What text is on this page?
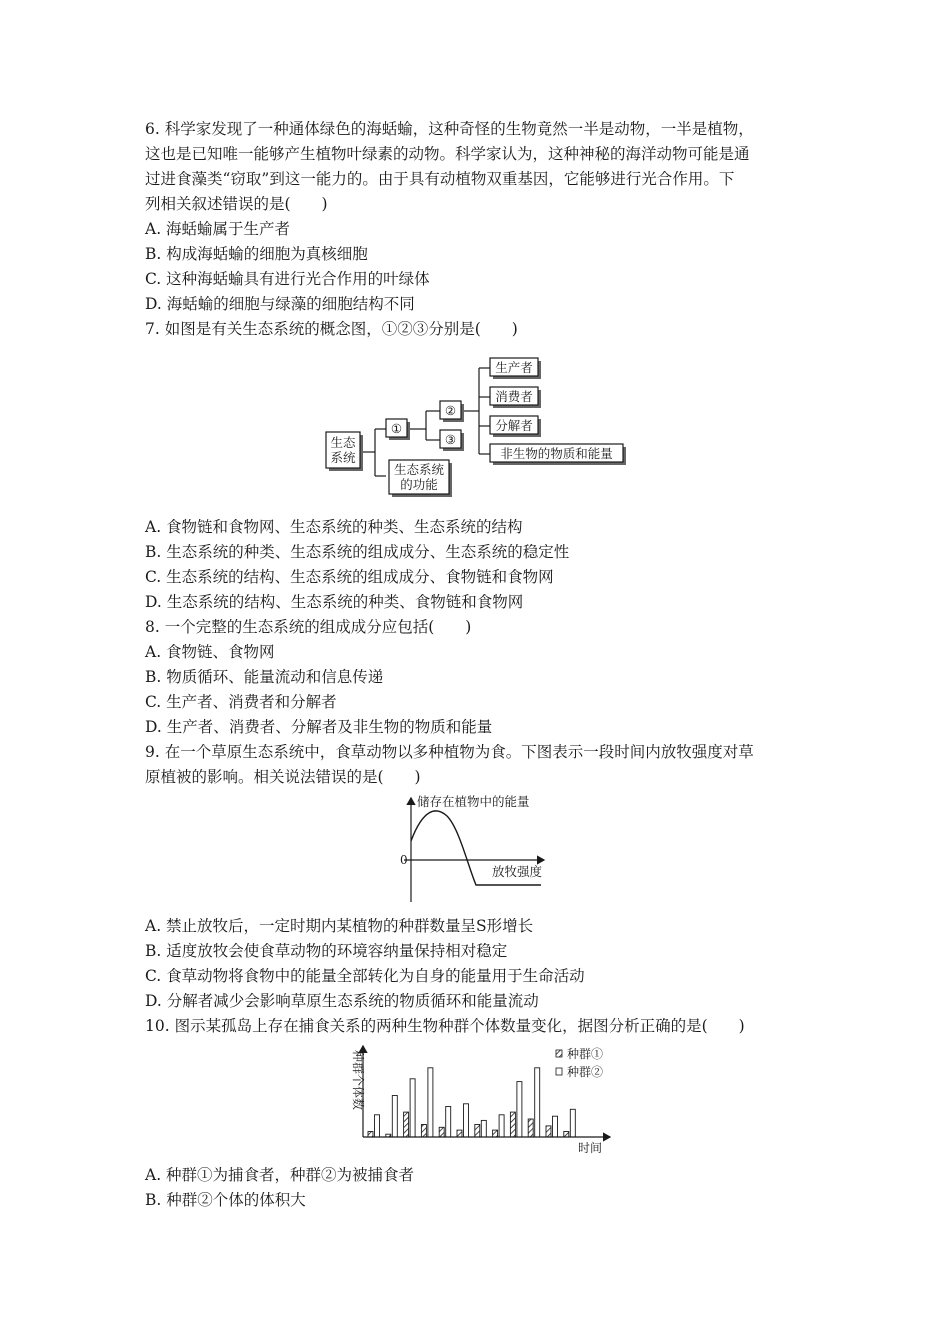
6. 科学家发现了一种通体绿色的海蛞蝓，这种奇怪的生物竟然一半是动物，一半是植物，
这也是已知唯一能够产生植物叶绿素的动物。科学家认为，这种神秘的海洋动物可能是通
过进食藻类“窃取”到这一能力的。由于具有动植物双重基因，它能够进行光合作用。下
列相关叙述错误的是(　　)
A. 海蛞蝓属于生产者
B. 构成海蛞蝓的细胞为真核细胞
C. 这种海蛞蝓具有进行光合作用的叶绿体
D. 海蛞蝓的细胞与绿藻的细胞结构不同
7. 如图是有关生态系统的概念图，①②③分别是(　　)
生态
系统
①
②
③
生态系统
的功能
生产者
消费者
分解者
非生物的物质和能量
A. 食物链和食物网、生态系统的种类、生态系统的结构
B. 生态系统的种类、生态系统的组成成分、生态系统的稳定性
C. 生态系统的结构、生态系统的组成成分、食物链和食物网
D. 生态系统的结构、生态系统的种类、食物链和食物网
8. 一个完整的生态系统的组成成分应包括(　　)
A. 食物链、食物网
B. 物质循环、能量流动和信息传递
C. 生产者、消费者和分解者
D. 生产者、消费者、分解者及非生物的物质和能量
9. 在一个草原生态系统中，食草动物以多种植物为食。下图表示一段时间内放牧强度对草
原植被的影响。相关说法错误的是(　　)
储存在植物中的能量
0
放牧强度
A. 禁止放牧后，一定时期内某植物的种群数量呈S形增长
B. 适度放牧会使食草动物的环境容纳量保持相对稳定
C. 食草动物将食物中的能量全部转化为自身的能量用于生命活动
D. 分解者减少会影响草原生态系统的物质循环和能量流动
10. 图示某孤岛上存在捕食关系的两种生物种群个体数量变化，据图分析正确的是(　　)
种群个体数
时间
种群①
种群②
A. 种群①为捕食者，种群②为被捕食者
B. 种群②个体的体积大
